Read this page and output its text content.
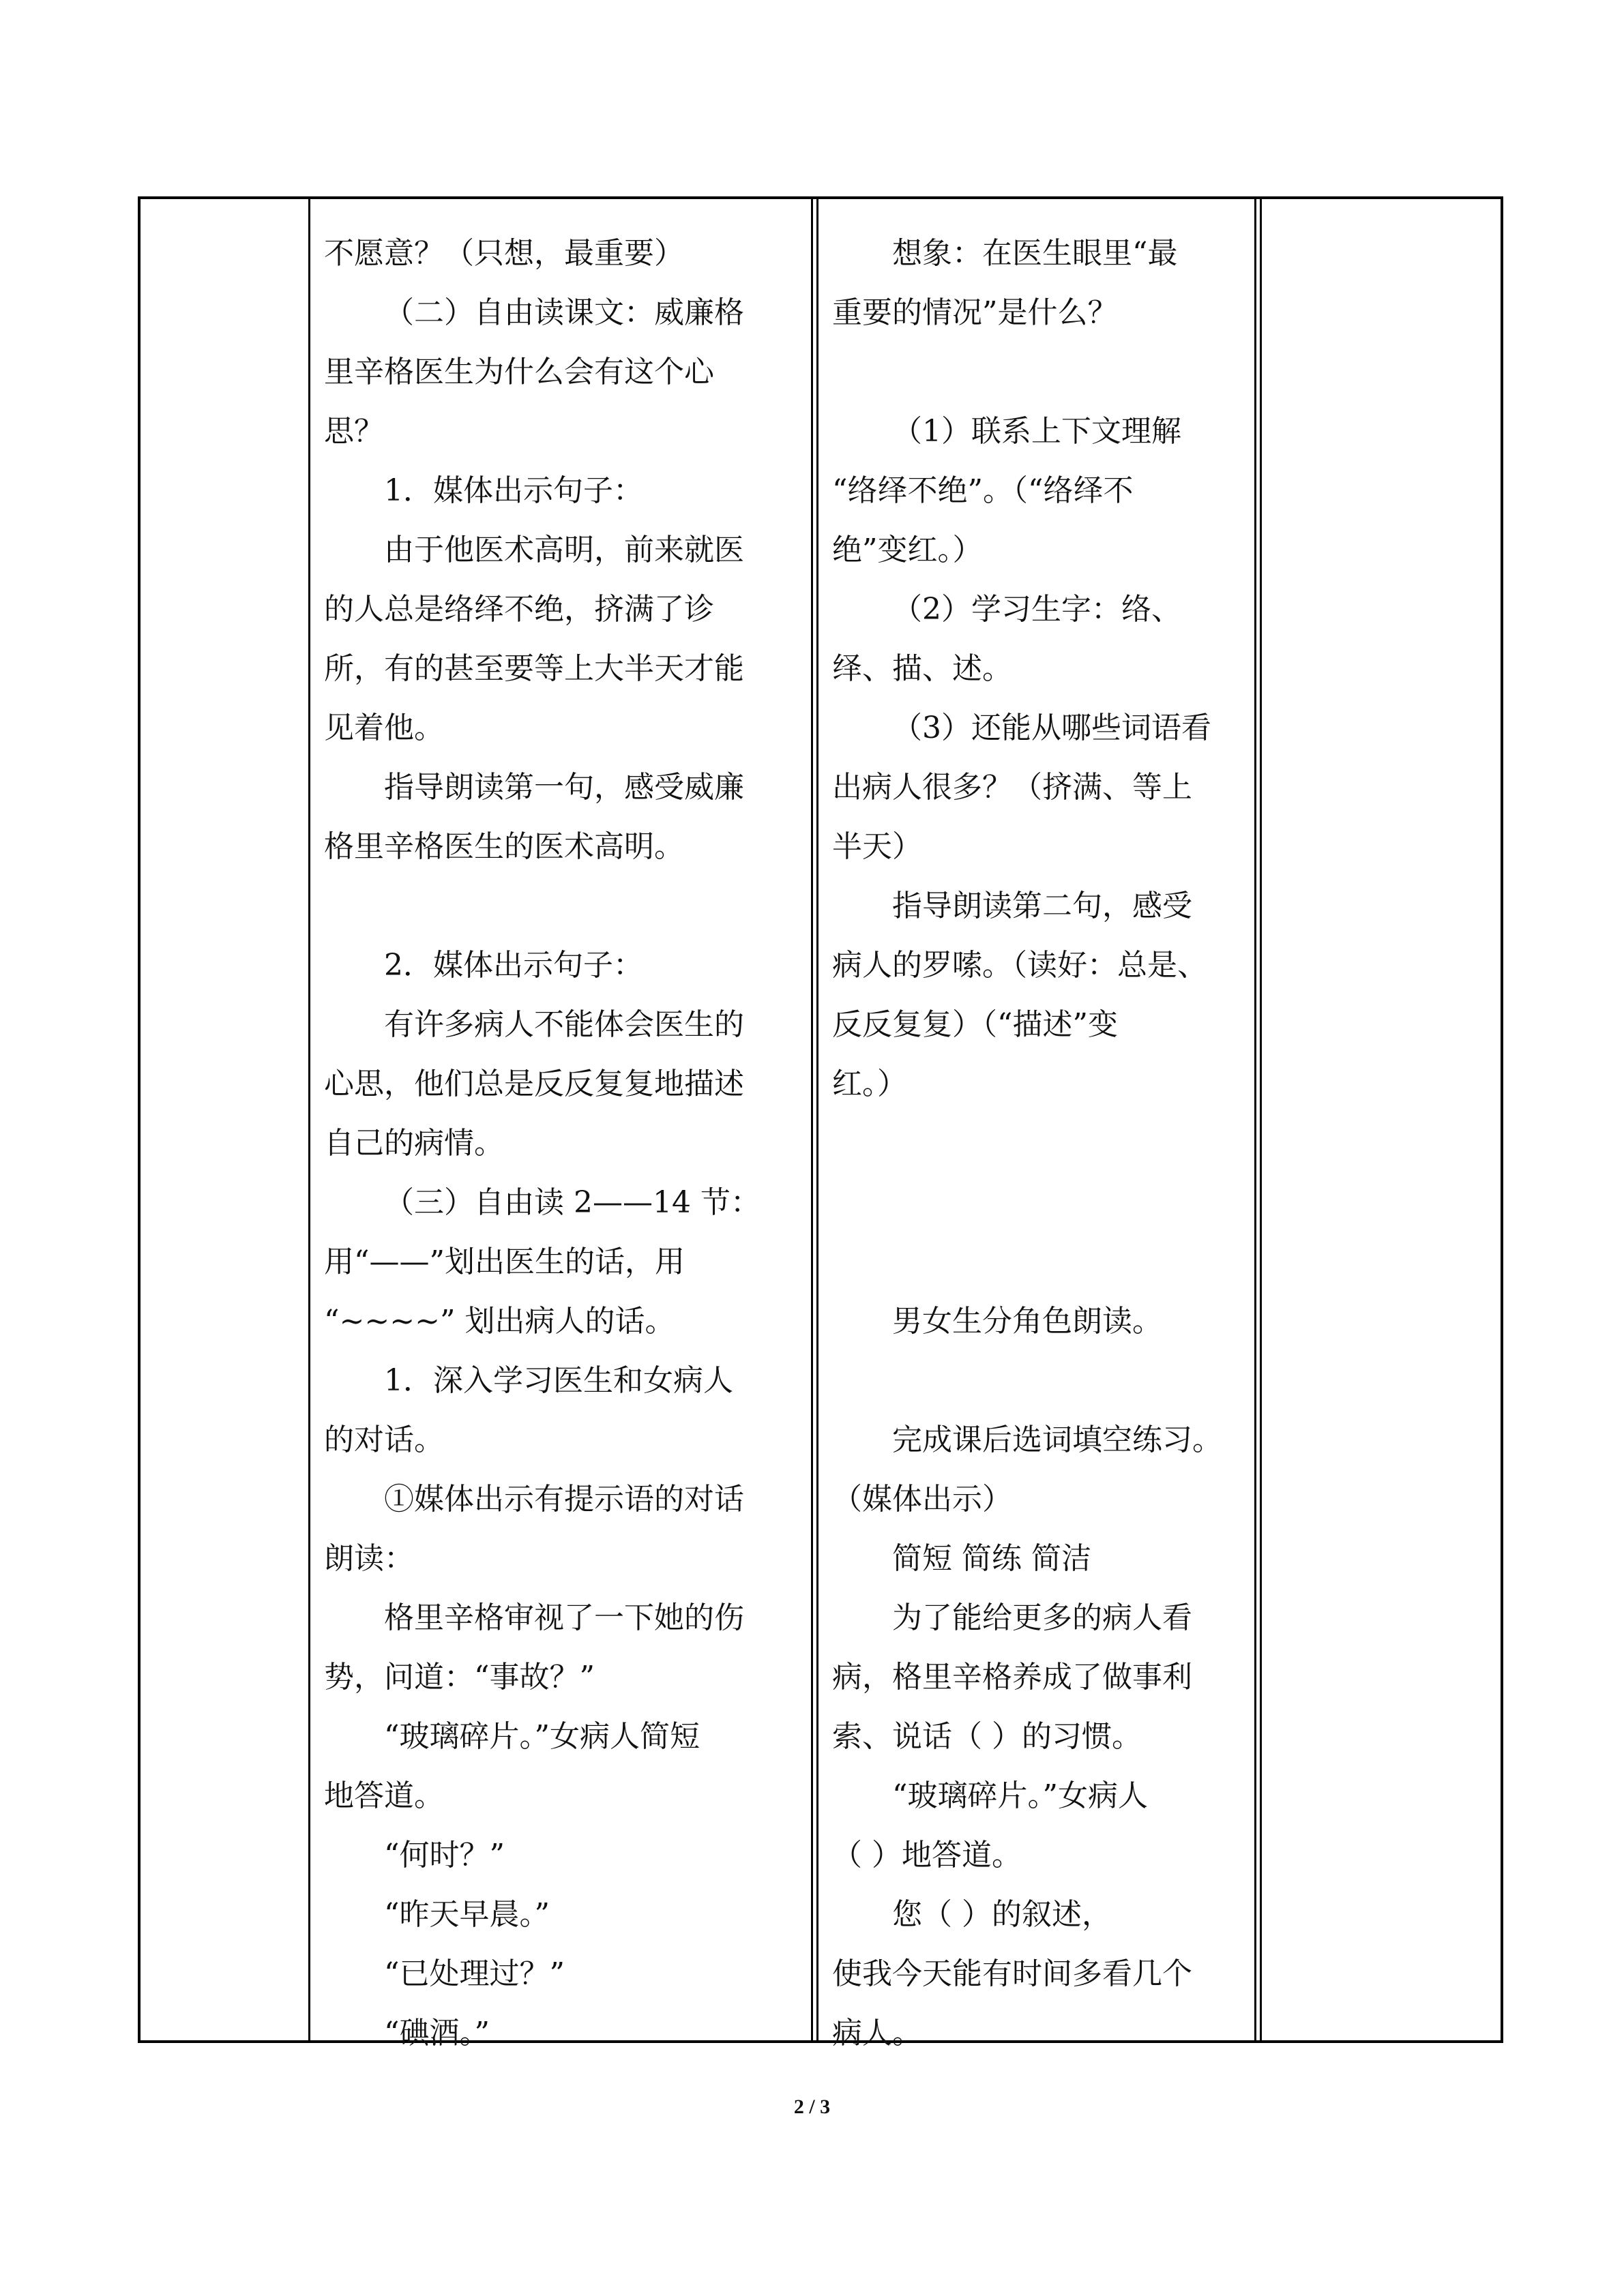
不愿意？（只想，最重要）

（二）自由读课文：威廉格

里辛格医生为什么会有这个心

思？

1．媒体出示句子：

由于他医术高明，前来就医

的人总是络绎不绝，挤满了诊

所，有的甚至要等上大半天才能

见着他。

指导朗读第一句，感受威廉

格里辛格医生的医术高明。

2．媒体出示句子：

有许多病人不能体会医生的

心思，他们总是反反复复地描述

自己的病情。

（三）自由读 2——14 节：

用“——”划出医生的话，用

“~~~~” 划出病人的话。

1．深入学习医生和女病人

的对话。

①媒体出示有提示语的对话

朗读：

格里辛格审视了一下她的伤

势，问道：“事故？”

“玻璃碎片。”女病人简短

地答道。

“何时？”

“昨天早晨。”

“已处理过？”

“碘酒。”

想象：在医生眼里“最

重要的情况”是什么？

（1）联系上下文理解

“络绎不绝”。（“络绎不

绝”变红。）

（2）学习生字：络、

绎、描、述。

（3）还能从哪些词语看

出病人很多？（挤满、等上

半天）

指导朗读第二句，感受

病人的罗嗦。（读好：总是、

反反复复）（“描述”变

红。）

男女生分角色朗读。

完成课后选词填空练习。

（媒体出示）

简短 简练 简洁

为了能给更多的病人看

病，格里辛格养成了做事利

索、说话（ ）的习惯。

“玻璃碎片。”女病人

（ ）地答道。

您（ ）的叙述，

使我今天能有时间多看几个

病人。

2 / 3
